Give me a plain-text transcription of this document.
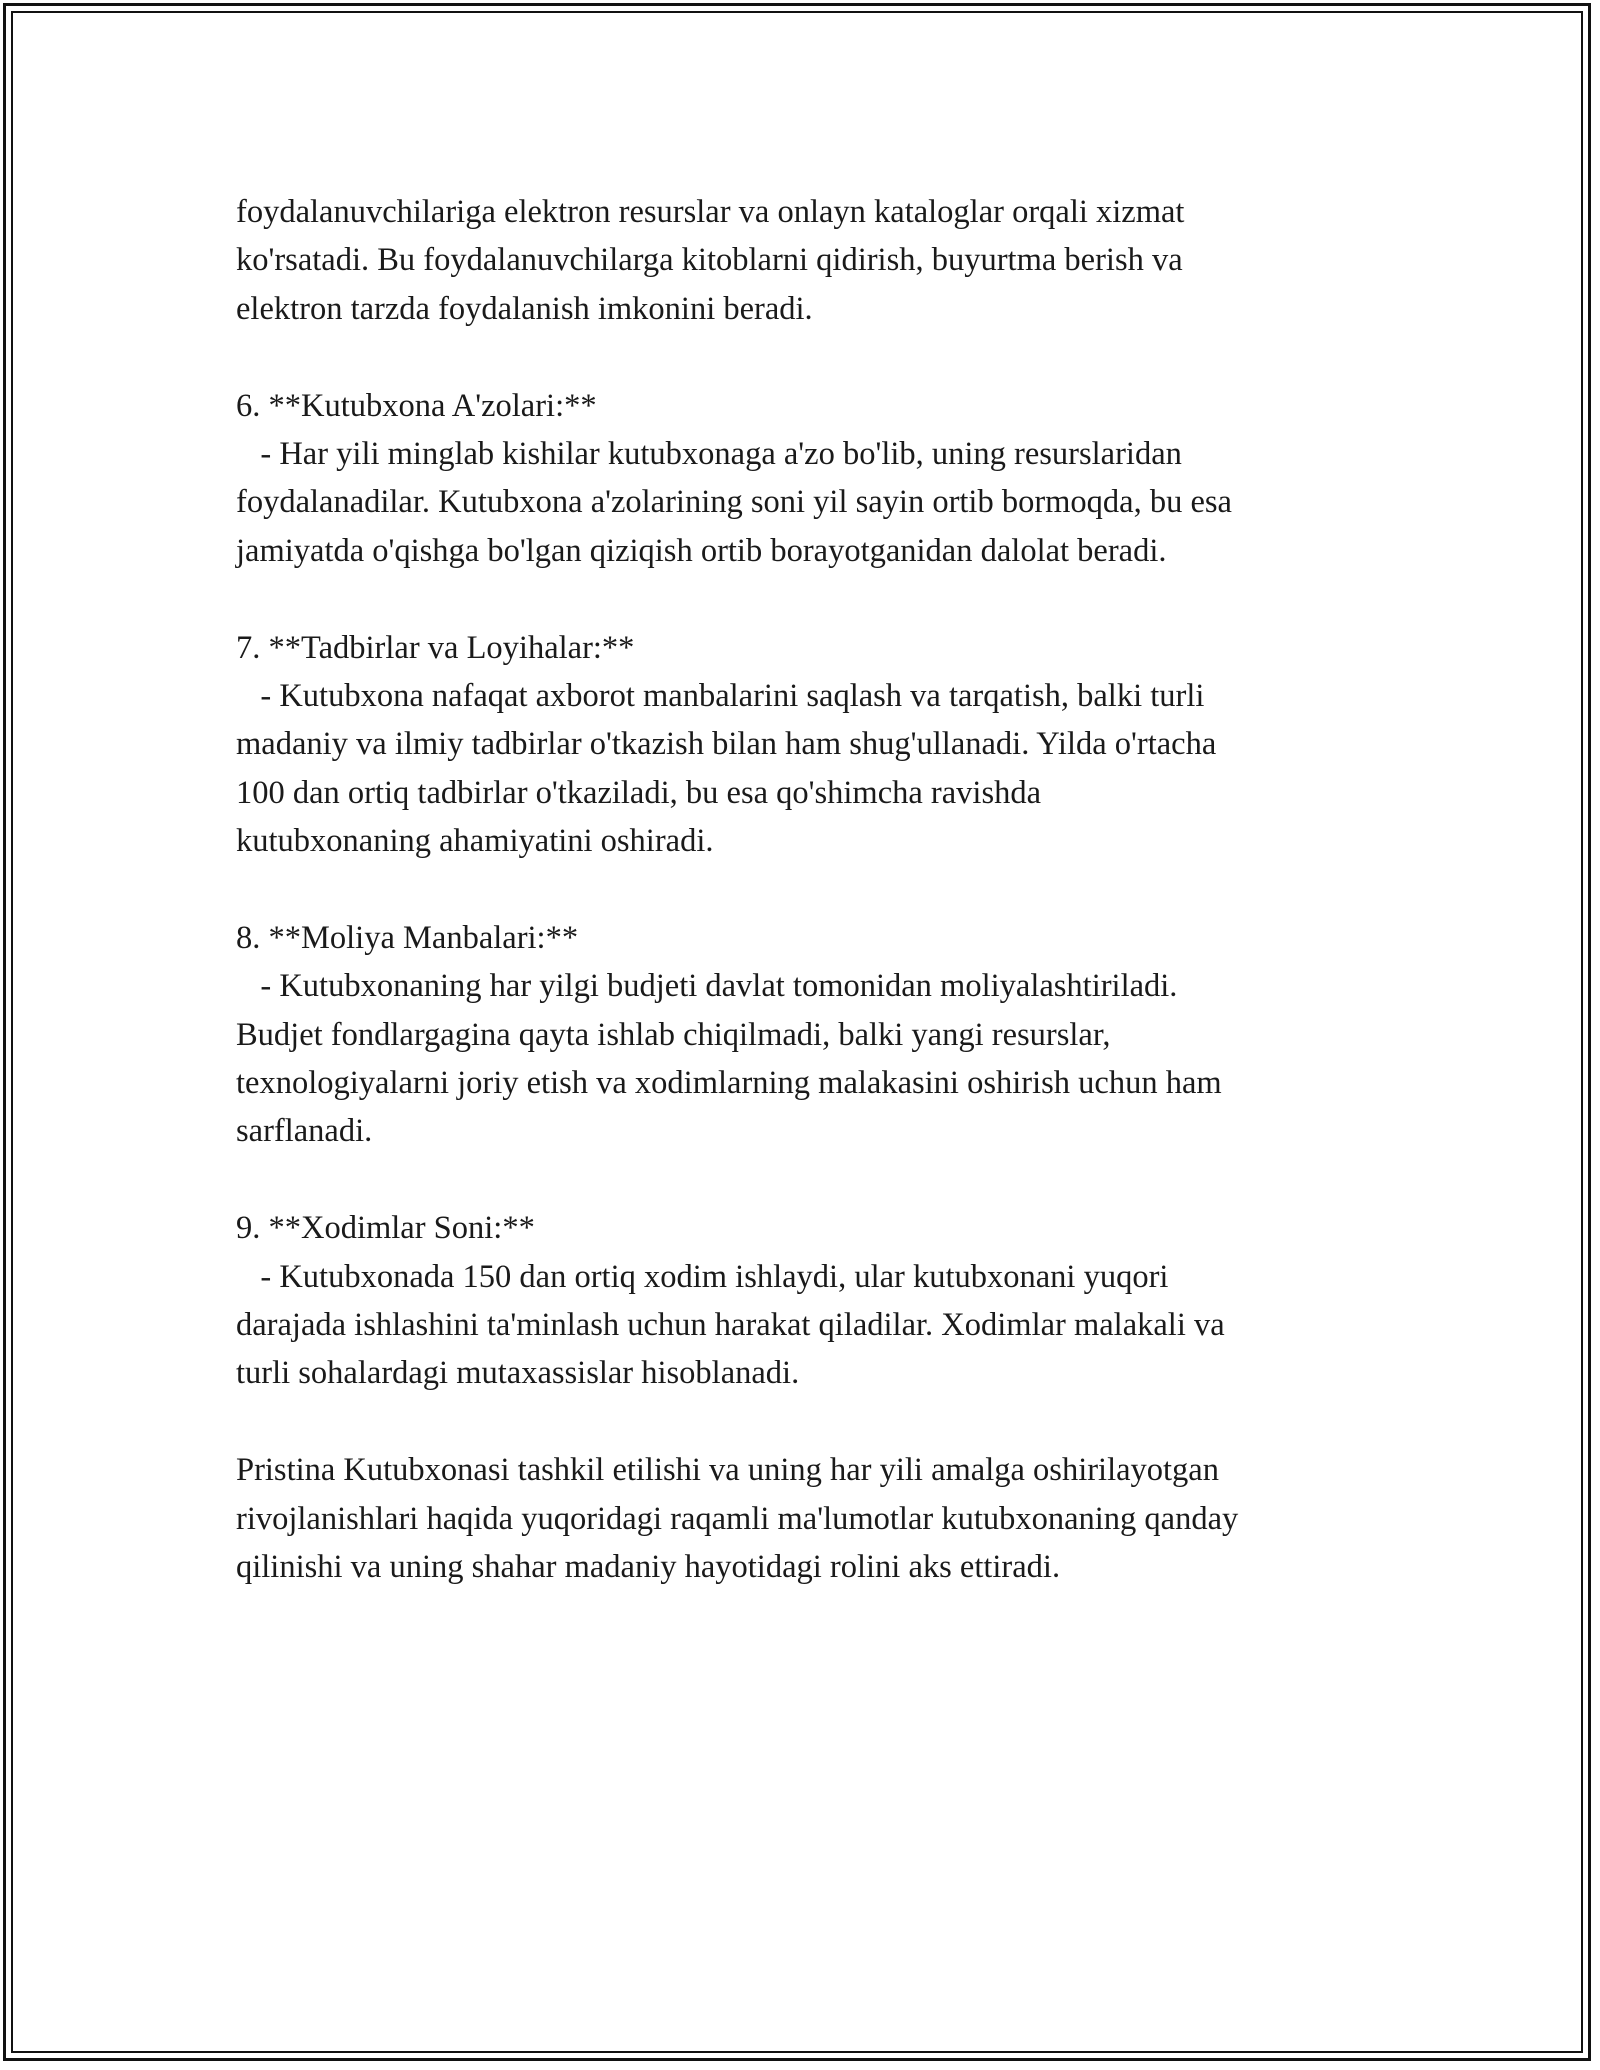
foydalanuvchilariga elektron resurslar va onlayn kataloglar orqali xizmat

ko'rsatadi. Bu foydalanuvchilarga kitoblarni qidirish, buyurtma berish va

elektron tarzda foydalanish imkonini beradi.

6. **Kutubxona A'zolari:**

- Har yili minglab kishilar kutubxonaga a'zo bo'lib, uning resurslaridan

foydalanadilar. Kutubxona a'zolarining soni yil sayin ortib bormoqda, bu esa

jamiyatda o'qishga bo'lgan qiziqish ortib borayotganidan dalolat beradi.

7. **Tadbirlar va Loyihalar:**

- Kutubxona nafaqat axborot manbalarini saqlash va tarqatish, balki turli

madaniy va ilmiy tadbirlar o'tkazish bilan ham shug'ullanadi. Yilda o'rtacha

100 dan ortiq tadbirlar o'tkaziladi, bu esa qo'shimcha ravishda

kutubxonaning ahamiyatini oshiradi.

8. **Moliya Manbalari:**

- Kutubxonaning har yilgi budjeti davlat tomonidan moliyalashtiriladi.

Budjet fondlargagina qayta ishlab chiqilmadi, balki yangi resurslar,

texnologiyalarni joriy etish va xodimlarning malakasini oshirish uchun ham

sarflanadi.

9. **Xodimlar Soni:**

- Kutubxonada 150 dan ortiq xodim ishlaydi, ular kutubxonani yuqori

darajada ishlashini ta'minlash uchun harakat qiladilar. Xodimlar malakali va

turli sohalardagi mutaxassislar hisoblanadi.

Pristina Kutubxonasi tashkil etilishi va uning har yili amalga oshirilayotgan

rivojlanishlari haqida yuqoridagi raqamli ma'lumotlar kutubxonaning qanday

qilinishi va uning shahar madaniy hayotidagi rolini aks ettiradi.
